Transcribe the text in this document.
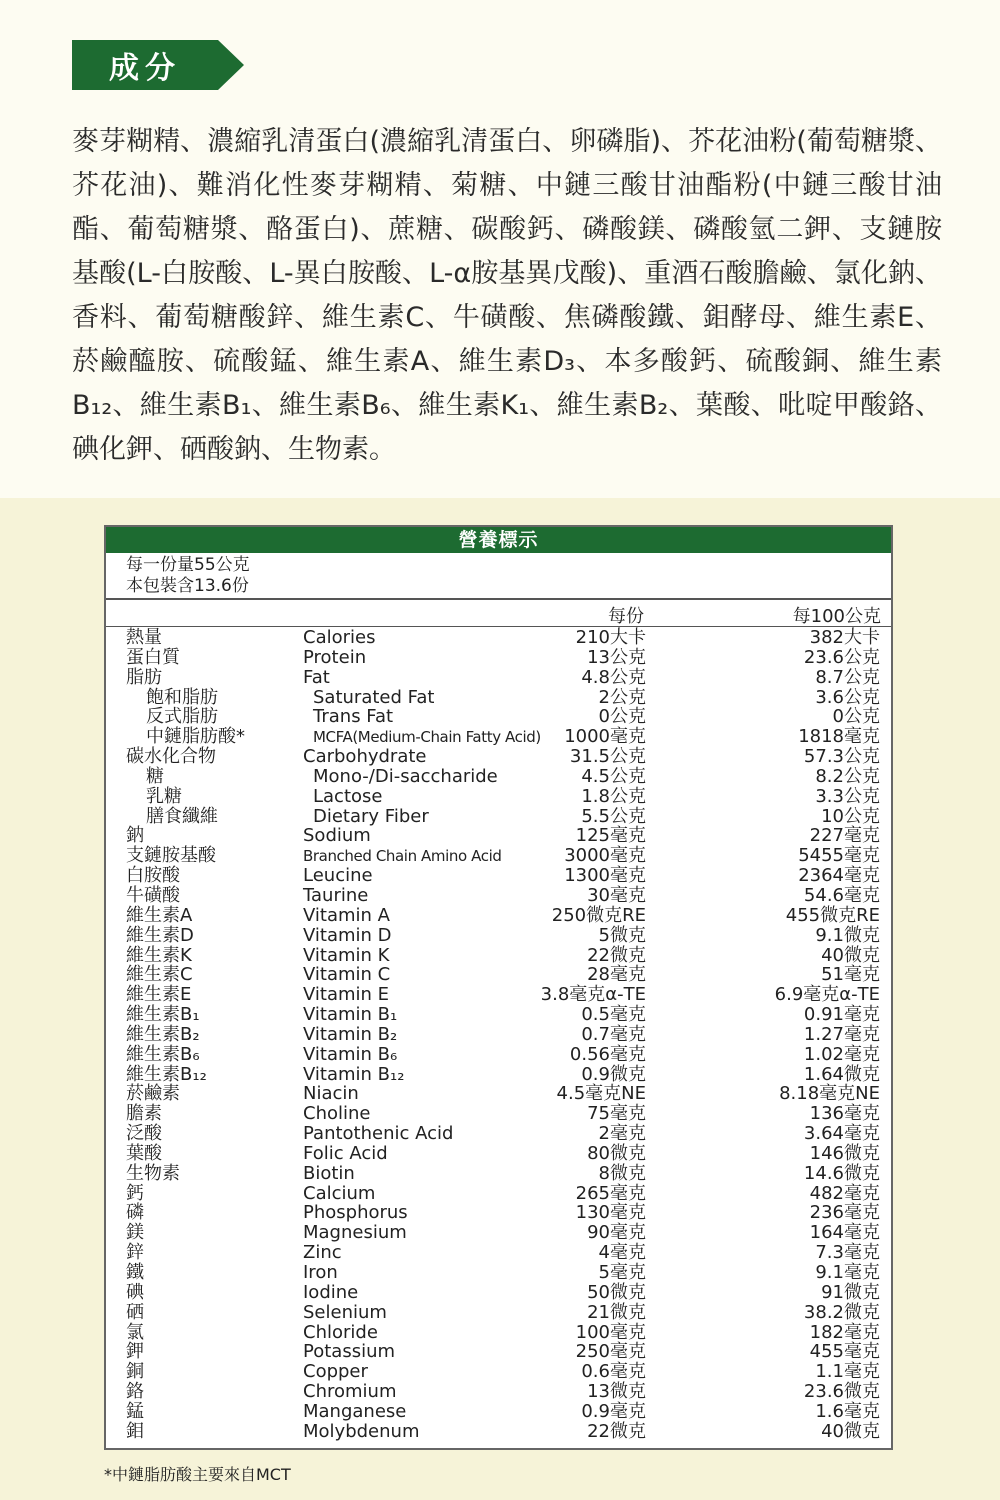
成分

麥芽糊精、濃縮乳清蛋白(濃縮乳清蛋白、卵磷脂)、芥花油粉(葡萄糖漿、芥花油)、難消化性麥芽糊精、菊糖、中鏈三酸甘油酯粉(中鏈三酸甘油酯、葡萄糖漿、酪蛋白)、蔗糖、碳酸鈣、磷酸鎂、磷酸氫二鉀、支鏈胺基酸(L-白胺酸、L-異白胺酸、L-α胺基異戊酸)、重酒石酸膽鹼、氯化鈉、香料、葡萄糖酸鋅、維生素C、牛磺酸、焦磷酸鐵、鉬酵母、維生素E、菸鹼醯胺、硫酸錳、維生素A、維生素D₃、本多酸鈣、硫酸銅、維生素B₁₂、維生素B₁、維生素B₆、維生素K₁、維生素B₂、葉酸、吡啶甲酸鉻、碘化鉀、硒酸鈉、生物素。

營養標示
每一份量55公克
本包裝含13.6份
每份	每100公克
熱量	Calories	210大卡	382大卡
蛋白質	Protein	13公克	23.6公克
脂肪	Fat	4.8公克	8.7公克
飽和脂肪	Saturated Fat	2公克	3.6公克
反式脂肪	Trans Fat	0公克	0公克
中鏈脂肪酸*	MCFA(Medium-Chain Fatty Acid) 1000毫克	1818毫克
碳水化合物	Carbohydrate	31.5公克	57.3公克
糖	Mono-/Di-saccharide	4.5公克	8.2公克
乳糖	Lactose	1.8公克	3.3公克
膳食纖維	Dietary Fiber	5.5公克	10公克
鈉	Sodium	125毫克	227毫克
支鏈胺基酸	Branched Chain Amino Acid	3000毫克	5455毫克
白胺酸	Leucine	1300毫克	2364毫克
牛磺酸	Taurine	30毫克	54.6毫克
維生素A	Vitamin A	250微克RE	455微克RE
維生素D	Vitamin D	5微克	9.1微克
維生素K	Vitamin K	22微克	40微克
維生素C	Vitamin C	28毫克	51毫克
維生素E	Vitamin E	3.8毫克α-TE	6.9毫克α-TE
維生素B₁	Vitamin B₁	0.5毫克	0.91毫克
維生素B₂	Vitamin B₂	0.7毫克	1.27毫克
維生素B₆	Vitamin B₆	0.56毫克	1.02毫克
維生素B₁₂	Vitamin B₁₂	0.9微克	1.64微克
菸鹼素	Niacin	4.5毫克NE	8.18毫克NE
膽素	Choline	75毫克	136毫克
泛酸	Pantothenic Acid	2毫克	3.64毫克
葉酸	Folic Acid	80微克	146微克
生物素	Biotin	8微克	14.6微克
鈣	Calcium	265毫克	482毫克
磷	Phosphorus	130毫克	236毫克
鎂	Magnesium	90毫克	164毫克
鋅	Zinc	4毫克	7.3毫克
鐵	Iron	5毫克	9.1毫克
碘	Iodine	50微克	91微克
硒	Selenium	21微克	38.2微克
氯	Chloride	100毫克	182毫克
鉀	Potassium	250毫克	455毫克
銅	Copper	0.6毫克	1.1毫克
鉻	Chromium	13微克	23.6微克
錳	Manganese	0.9毫克	1.6毫克
鉬	Molybdenum	22微克	40微克
*中鏈脂肪酸主要來自MCT
